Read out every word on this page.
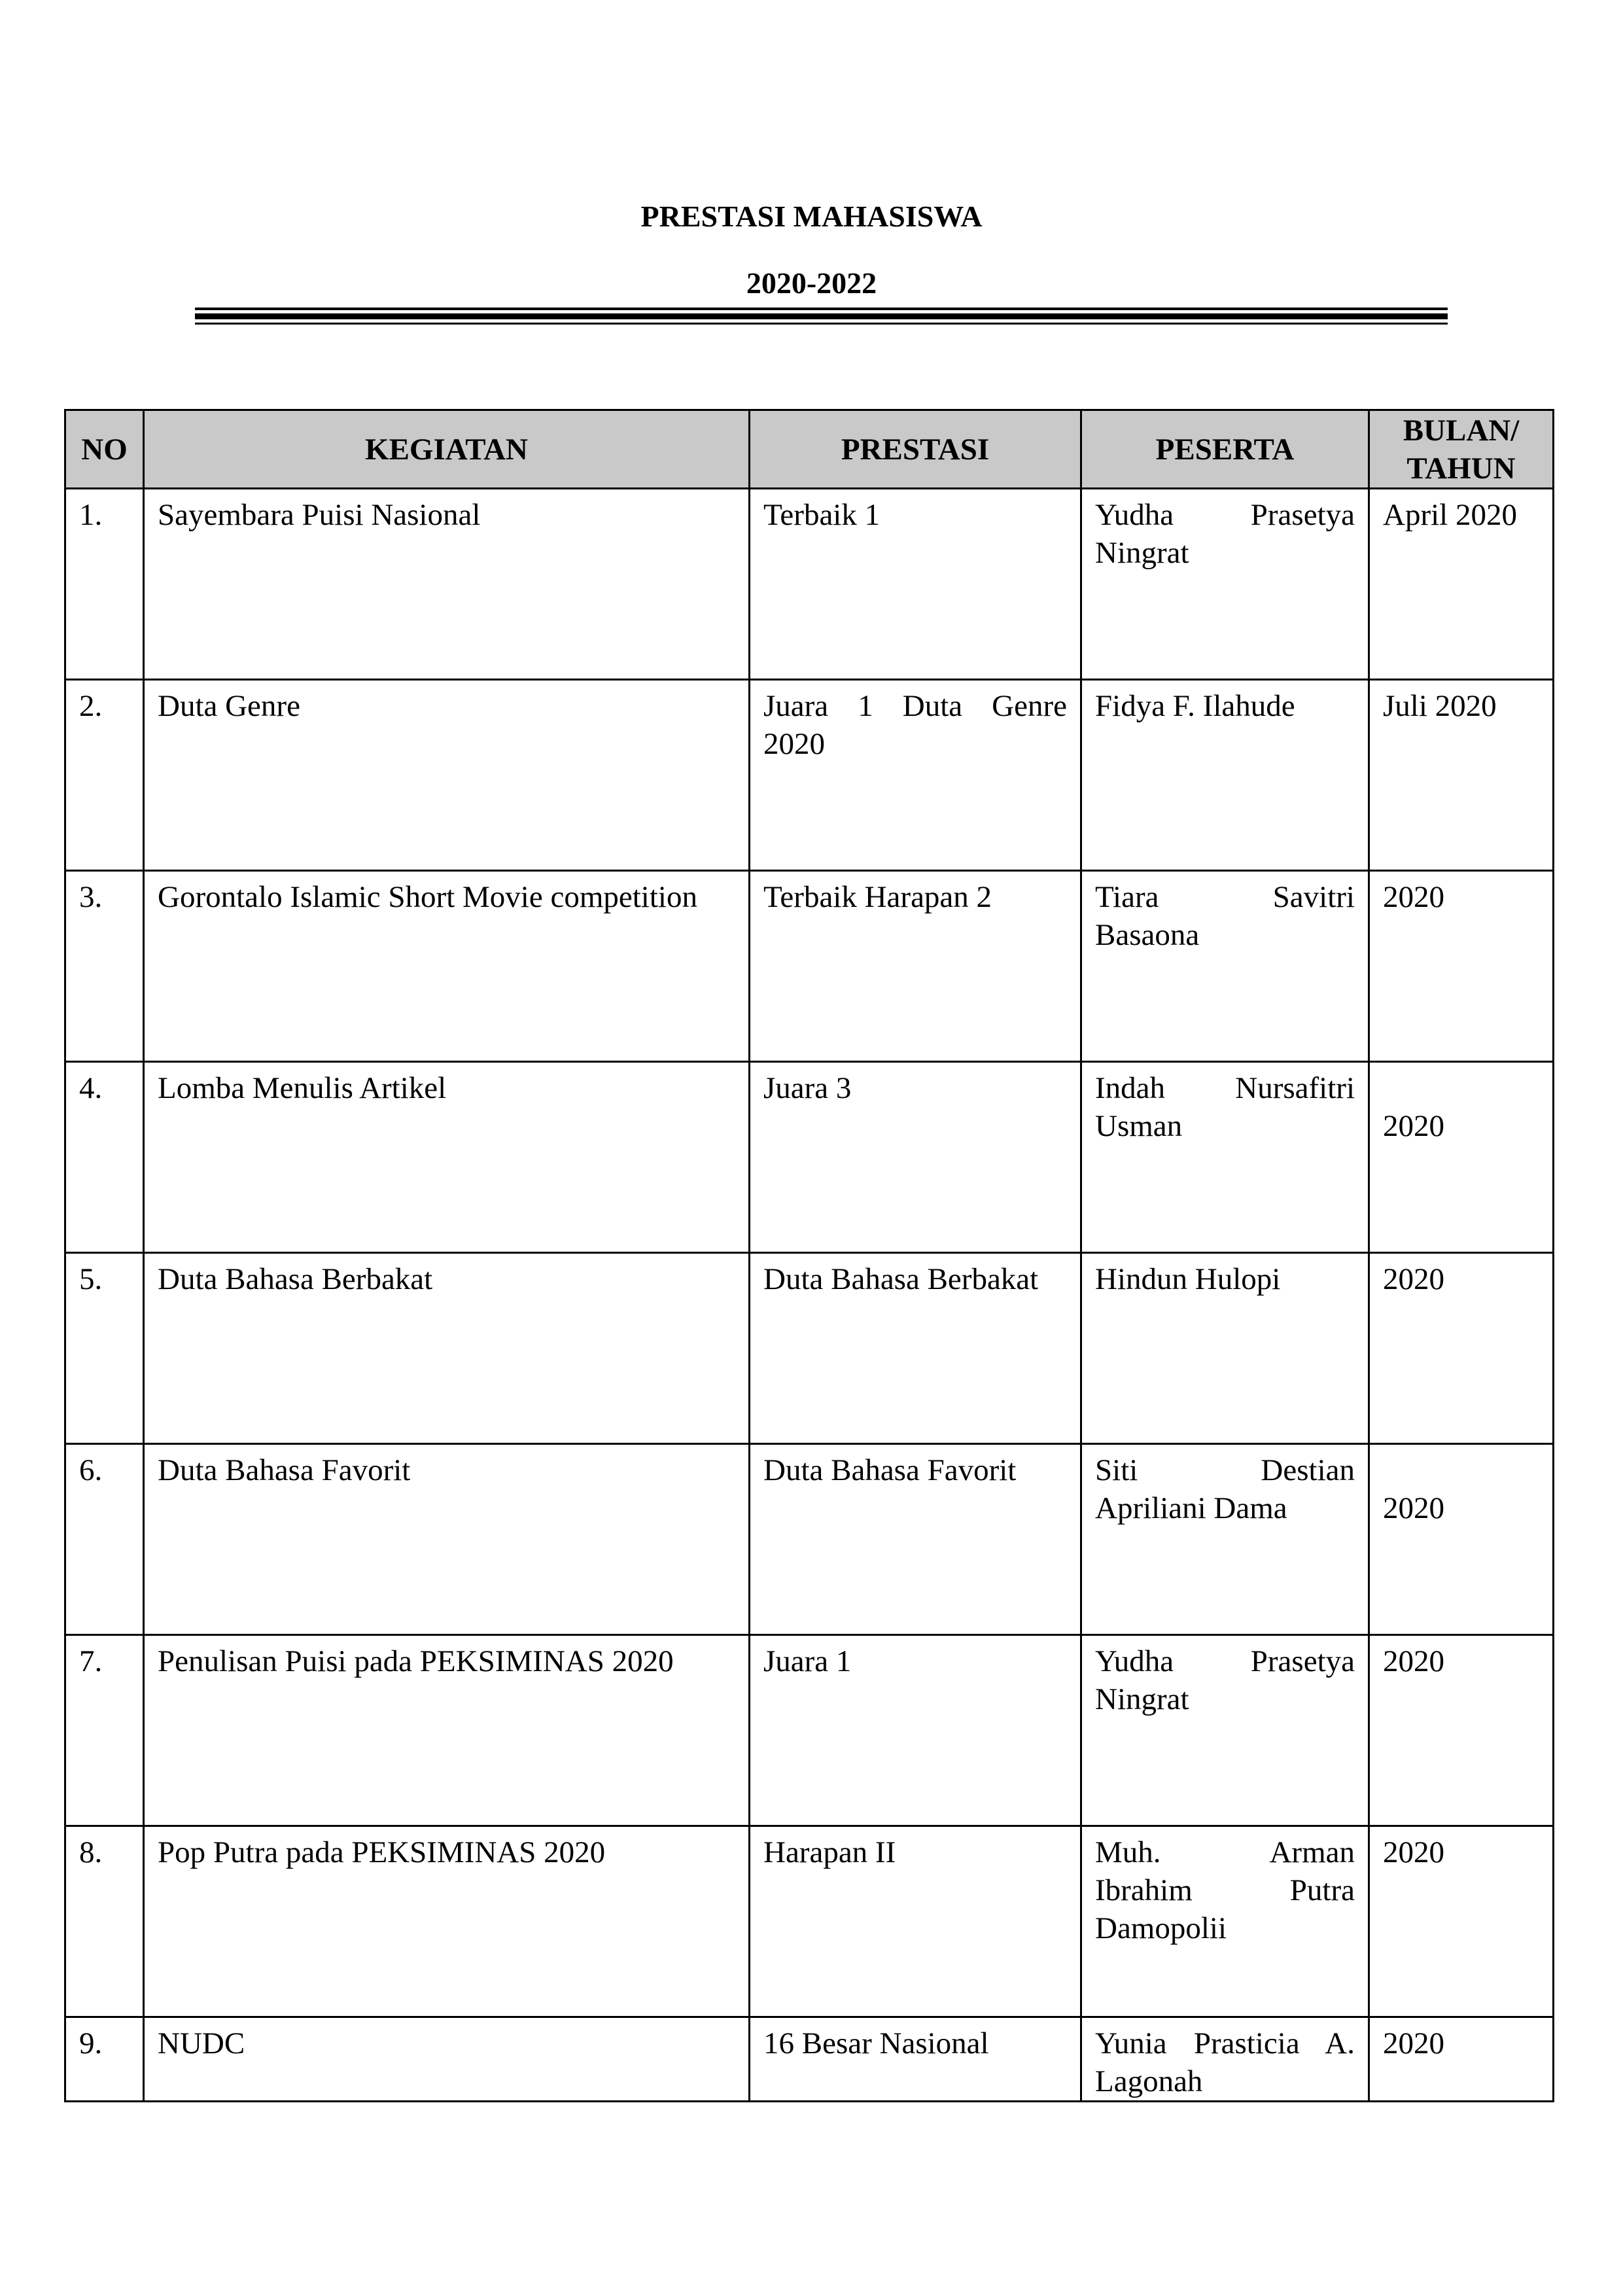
PRESTASI MAHASISWA
2020-2022
NO	KEGIATAN	PRESTASI	PESERTA	BULAN/
TAHUN
1.	Sayembara Puisi Nasional	Terbaik 1	Yudha Prasetya Ningrat	April 2020
2.	Duta Genre	Juara 1 Duta Genre 2020	Fidya F. Ilahude	Juli 2020
3.	Gorontalo Islamic Short Movie competition	Terbaik Harapan 2	Tiara Savitri Basaona	2020
4.	Lomba Menulis Artikel	Juara 3	Indah Nursafitri Usman	2020

5.	Duta Bahasa Berbakat	Duta Bahasa Berbakat	Hindun Hulopi	2020
6.	Duta Bahasa Favorit	Duta Bahasa Favorit	Siti Destian Apriliani Dama	2020

7.	Penulisan Puisi pada PEKSIMINAS 2020	Juara 1	Yudha Prasetya Ningrat	2020
8.	Pop Putra pada PEKSIMINAS 2020	Harapan II	Muh. Arman Ibrahim Putra Damopolii	2020
9.	NUDC	16 Besar Nasional	Yunia Prasticia A. Lagonah	2020
